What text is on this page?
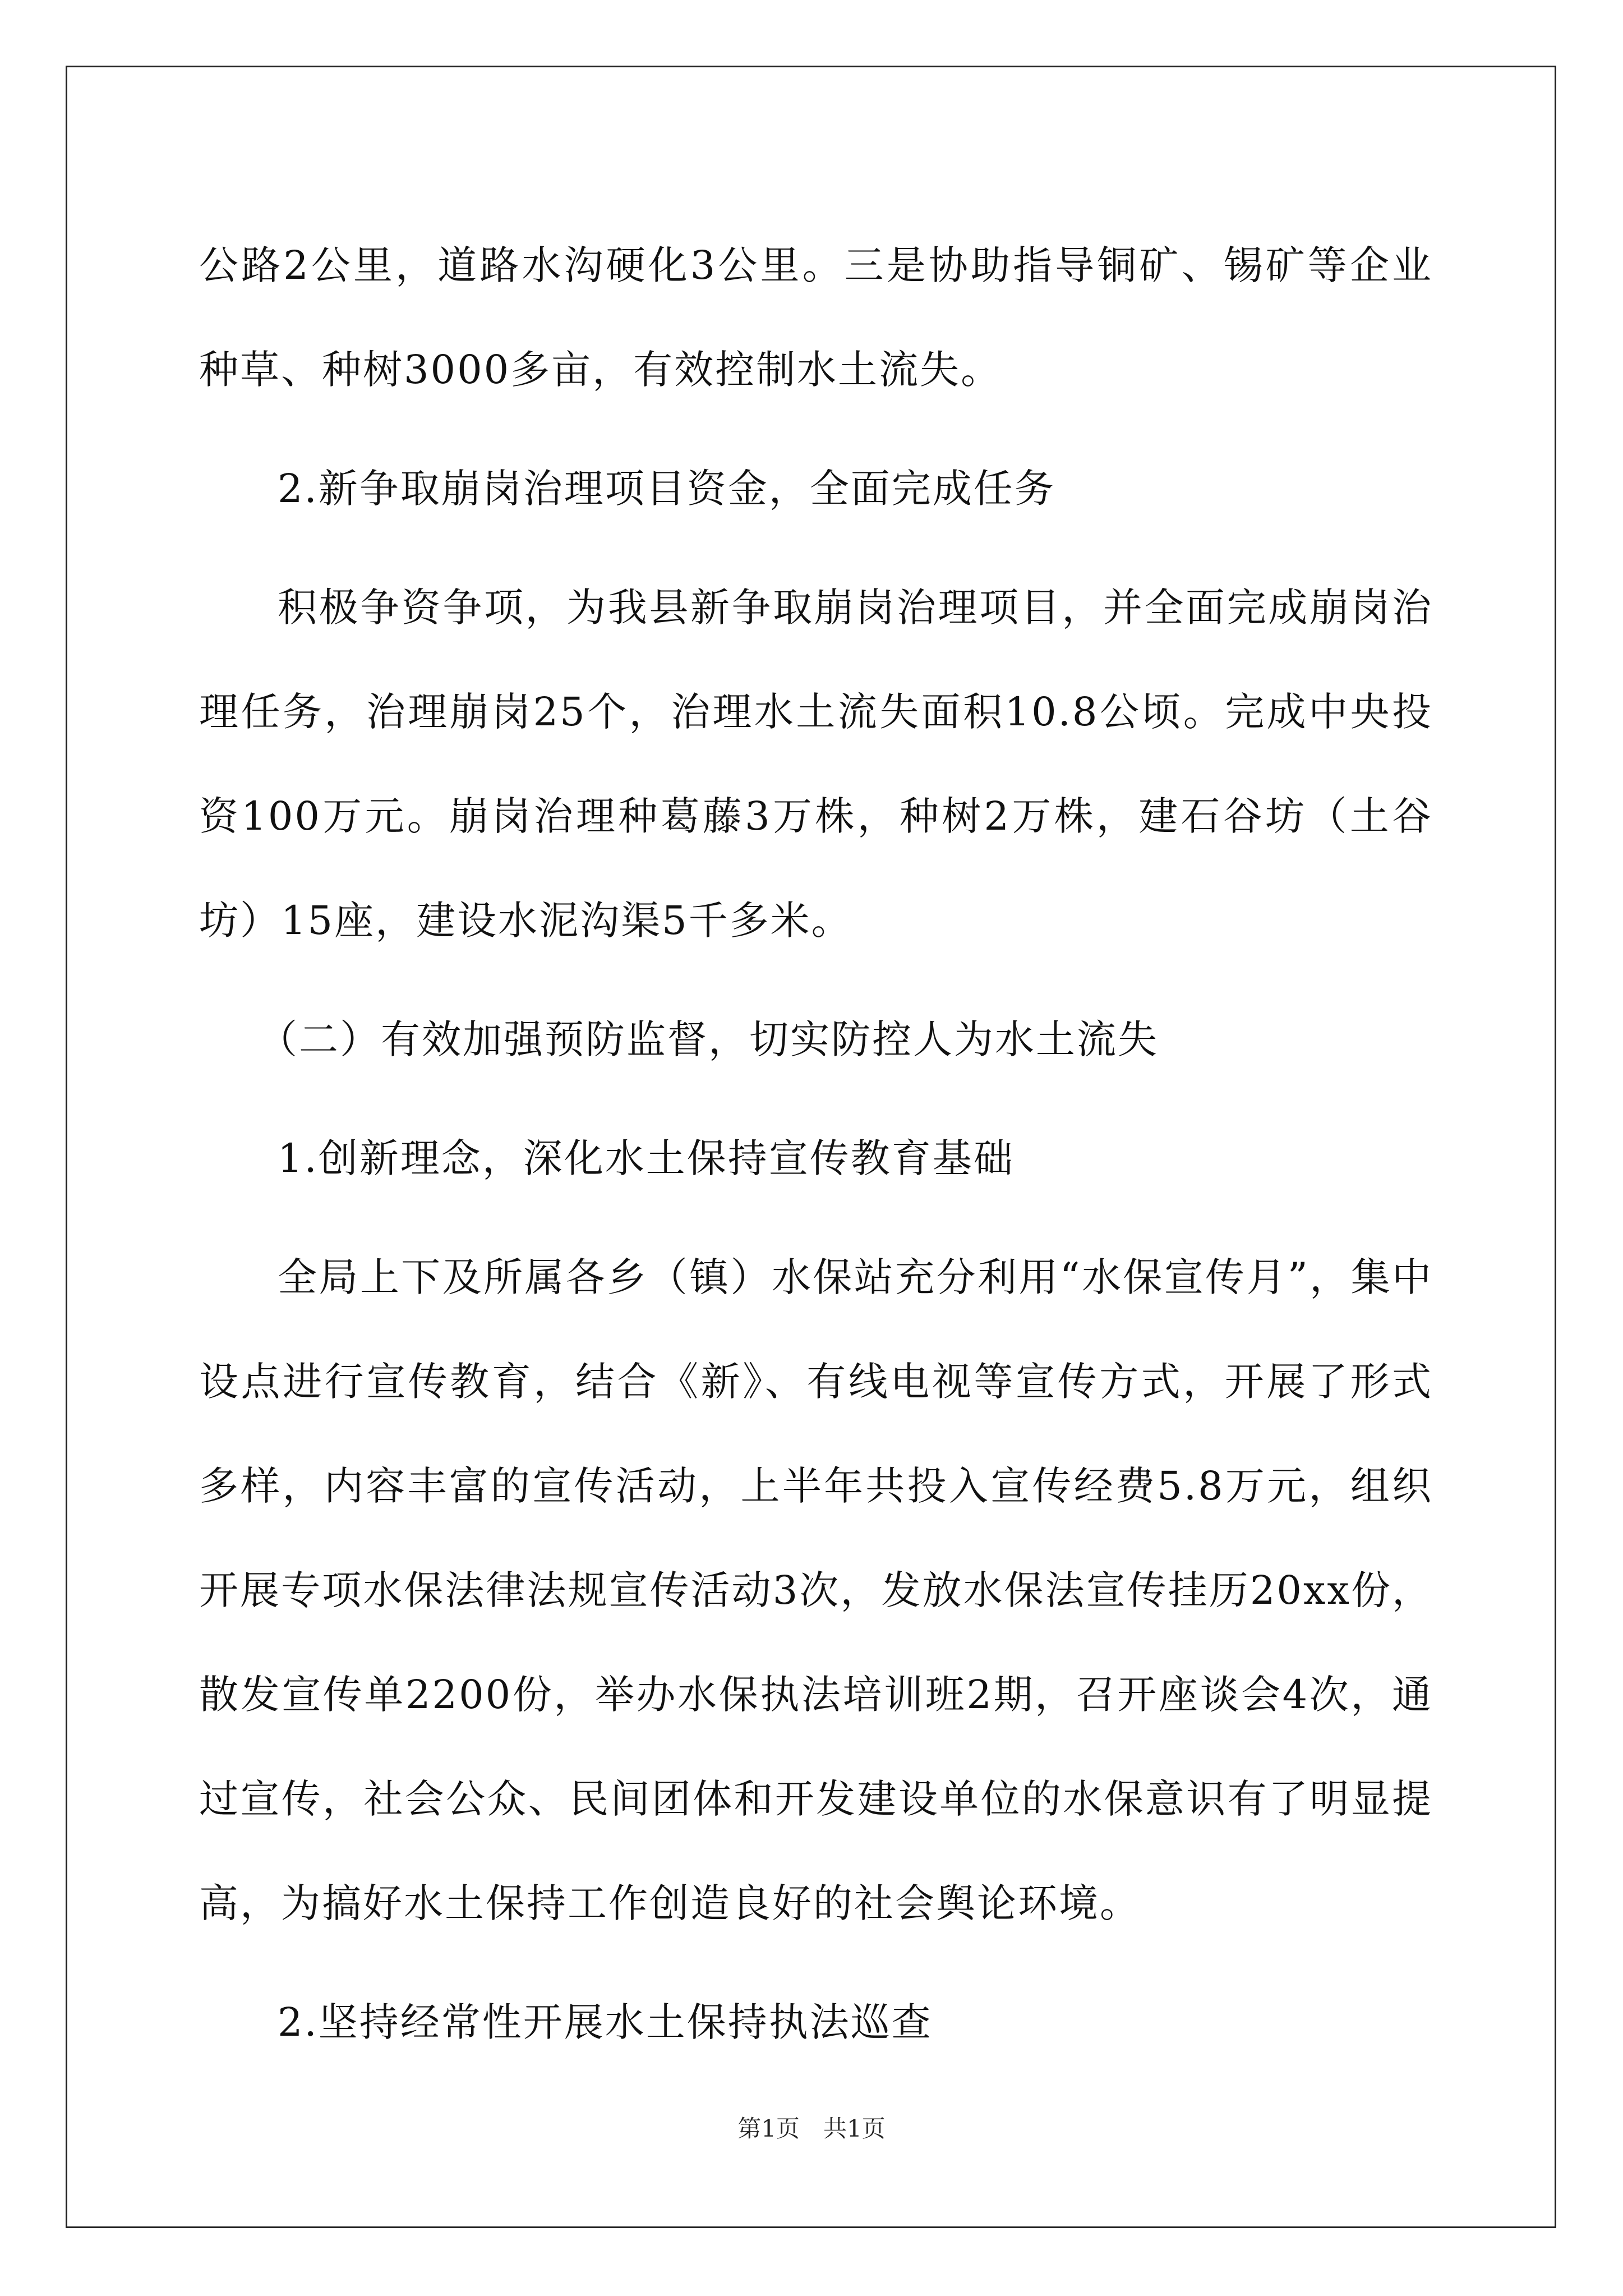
公路2公里，道路水沟硬化3公里。三是协助指导铜矿、锡矿等企业种草、种树3000多亩，有效控制水土流失。

2.新争取崩岗治理项目资金，全面完成任务

积极争资争项，为我县新争取崩岗治理项目，并全面完成崩岗治理任务，治理崩岗25个，治理水土流失面积10.8公顷。完成中央投资100万元。崩岗治理种葛藤3万株，种树2万株，建石谷坊（土谷坊）15座，建设水泥沟渠5千多米。

（二）有效加强预防监督，切实防控人为水土流失

1.创新理念，深化水土保持宣传教育基础

全局上下及所属各乡（镇）水保站充分利用“水保宣传月”，集中设点进行宣传教育，结合《新》、有线电视等宣传方式，开展了形式多样，内容丰富的宣传活动，上半年共投入宣传经费5.8万元，组织开展专项水保法律法规宣传活动3次，发放水保法宣传挂历20xx份，散发宣传单2200份，举办水保执法培训班2期，召开座谈会4次，通过宣传，社会公众、民间团体和开发建设单位的水保意识有了明显提高，为搞好水土保持工作创造良好的社会舆论环境。

2.坚持经常性开展水土保持执法巡查

第1页　共1页
